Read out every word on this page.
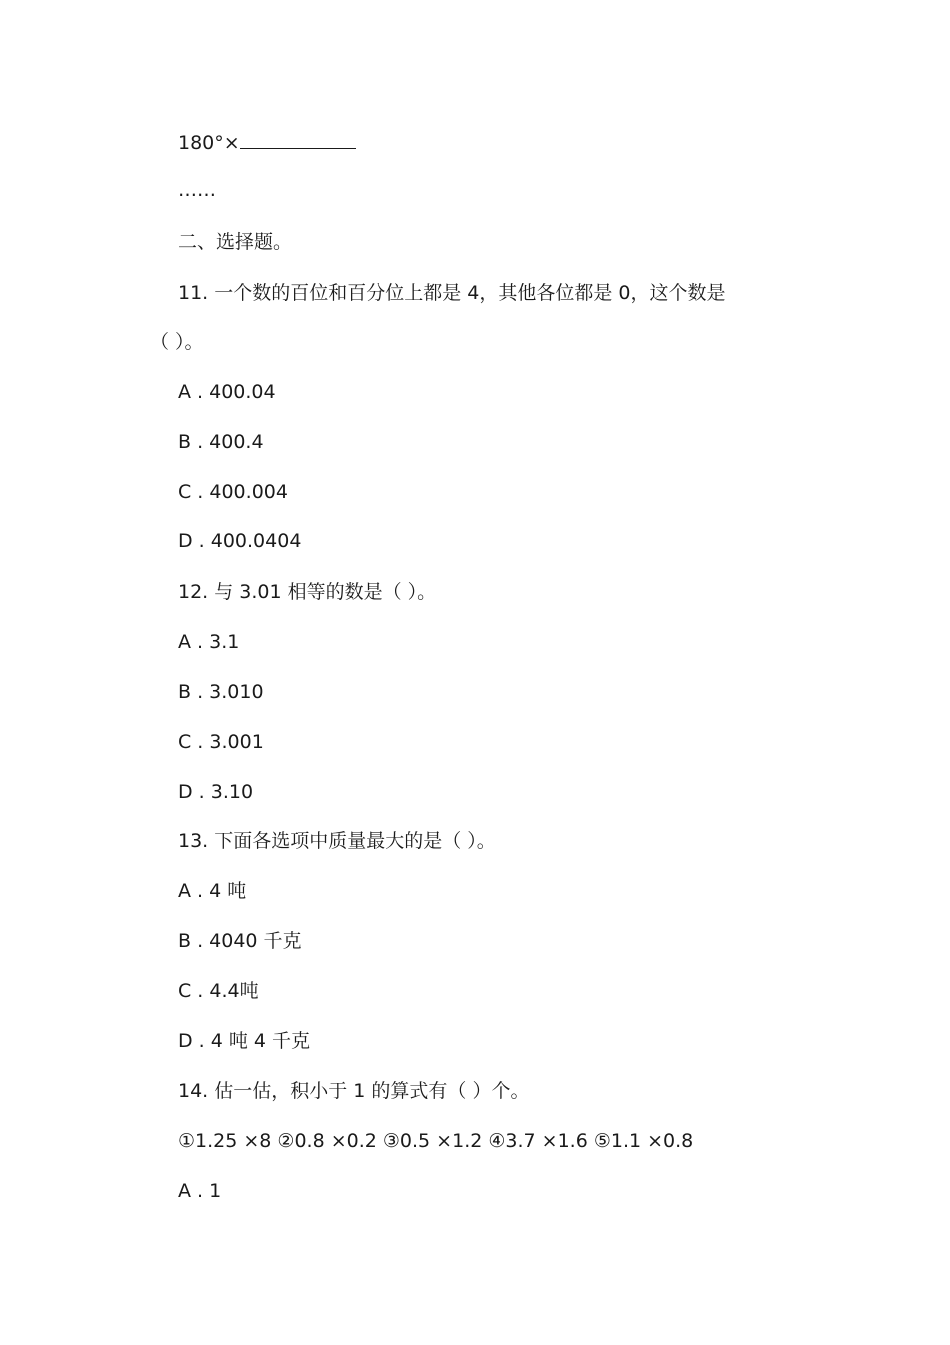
180°×

……

二、选择题。

11. 一个数的百位和百分位上都是 4，其他各位都是 0，这个数是

（ ）。

A . 400.04

B . 400.4

C . 400.004

D . 400.0404

12. 与 3.01 相等的数是（ ）。

A . 3.1

B . 3.010

C . 3.001

D . 3.10

13. 下面各选项中质量最大的是（ ）。

A . 4 吨

B . 4040 千克

C . 4.4吨

D . 4 吨 4 千克

14. 估一估，积小于 1 的算式有（ ）个。

①1.25 ×8 ②0.8 ×0.2 ③0.5 ×1.2 ④3.7 ×1.6 ⑤1.1 ×0.8

A . 1
